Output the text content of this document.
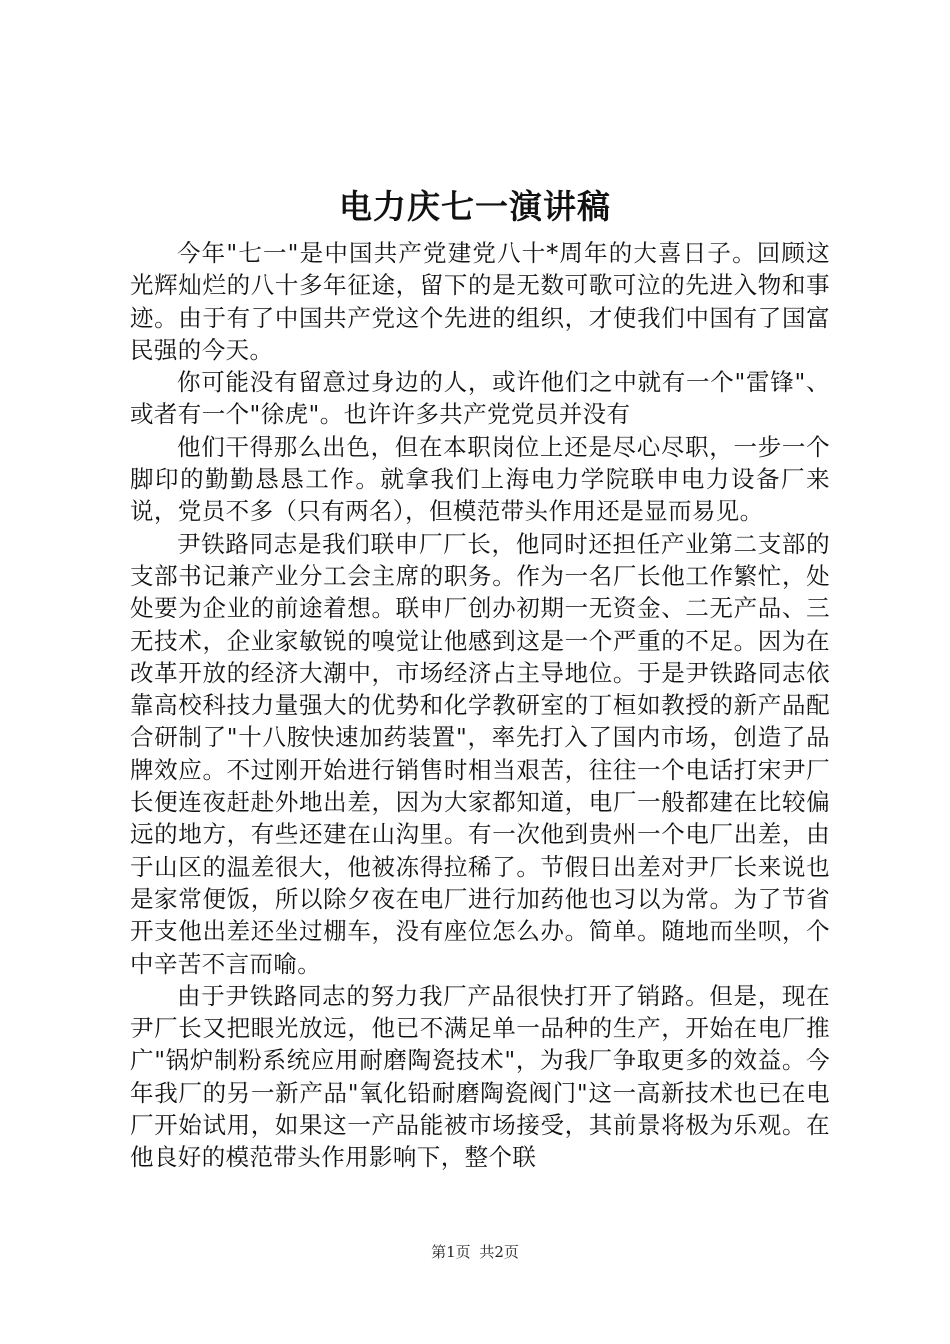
电力庆七一演讲稿

今年"七一"是中国共产党建党八十*周年的大喜日子。回顾这光辉灿烂的八十多年征途，留下的是无数可歌可泣的先进入物和事迹。由于有了中国共产党这个先进的组织，才使我们中国有了国富民强的今天。

你可能没有留意过身边的人，或许他们之中就有一个"雷锋"、或者有一个"徐虎"。也许许多共产党党员并没有

他们干得那么出色，但在本职岗位上还是尽心尽职，一步一个脚印的勤勤恳恳工作。就拿我们上海电力学院联申电力设备厂来说，党员不多（只有两名），但模范带头作用还是显而易见。

尹铁路同志是我们联申厂厂长，他同时还担任产业第二支部的支部书记兼产业分工会主席的职务。作为一名厂长他工作繁忙，处处要为企业的前途着想。联申厂创办初期一无资金、二无产品、三无技术，企业家敏锐的嗅觉让他感到这是一个严重的不足。因为在改革开放的经济大潮中，市场经济占主导地位。于是尹铁路同志依靠高校科技力量强大的优势和化学教研室的丁桓如教授的新产品配合研制了"十八胺快速加药装置"，率先打入了国内市场，创造了品牌效应。不过刚开始进行销售时相当艰苦，往往一个电话打宋尹厂长便连夜赶赴外地出差，因为大家都知道，电厂一般都建在比较偏远的地方，有些还建在山沟里。有一次他到贵州一个电厂出差，由于山区的温差很大，他被冻得拉稀了。节假日出差对尹厂长来说也是家常便饭，所以除夕夜在电厂进行加药他也习以为常。为了节省开支他出差还坐过棚车，没有座位怎么办。简单。随地而坐呗，个中辛苦不言而喻。

由于尹铁路同志的努力我厂产品很快打开了销路。但是，现在尹厂长又把眼光放远，他已不满足单一品种的生产，开始在电厂推广"锅炉制粉系统应用耐磨陶瓷技术"，为我厂争取更多的效益。今年我厂的另一新产品"氧化铅耐磨陶瓷阀门"这一高新技术也已在电厂开始试用，如果这一产品能被市场接受，其前景将极为乐观。在他良好的模范带头作用影响下，整个联

第1页 共2页
